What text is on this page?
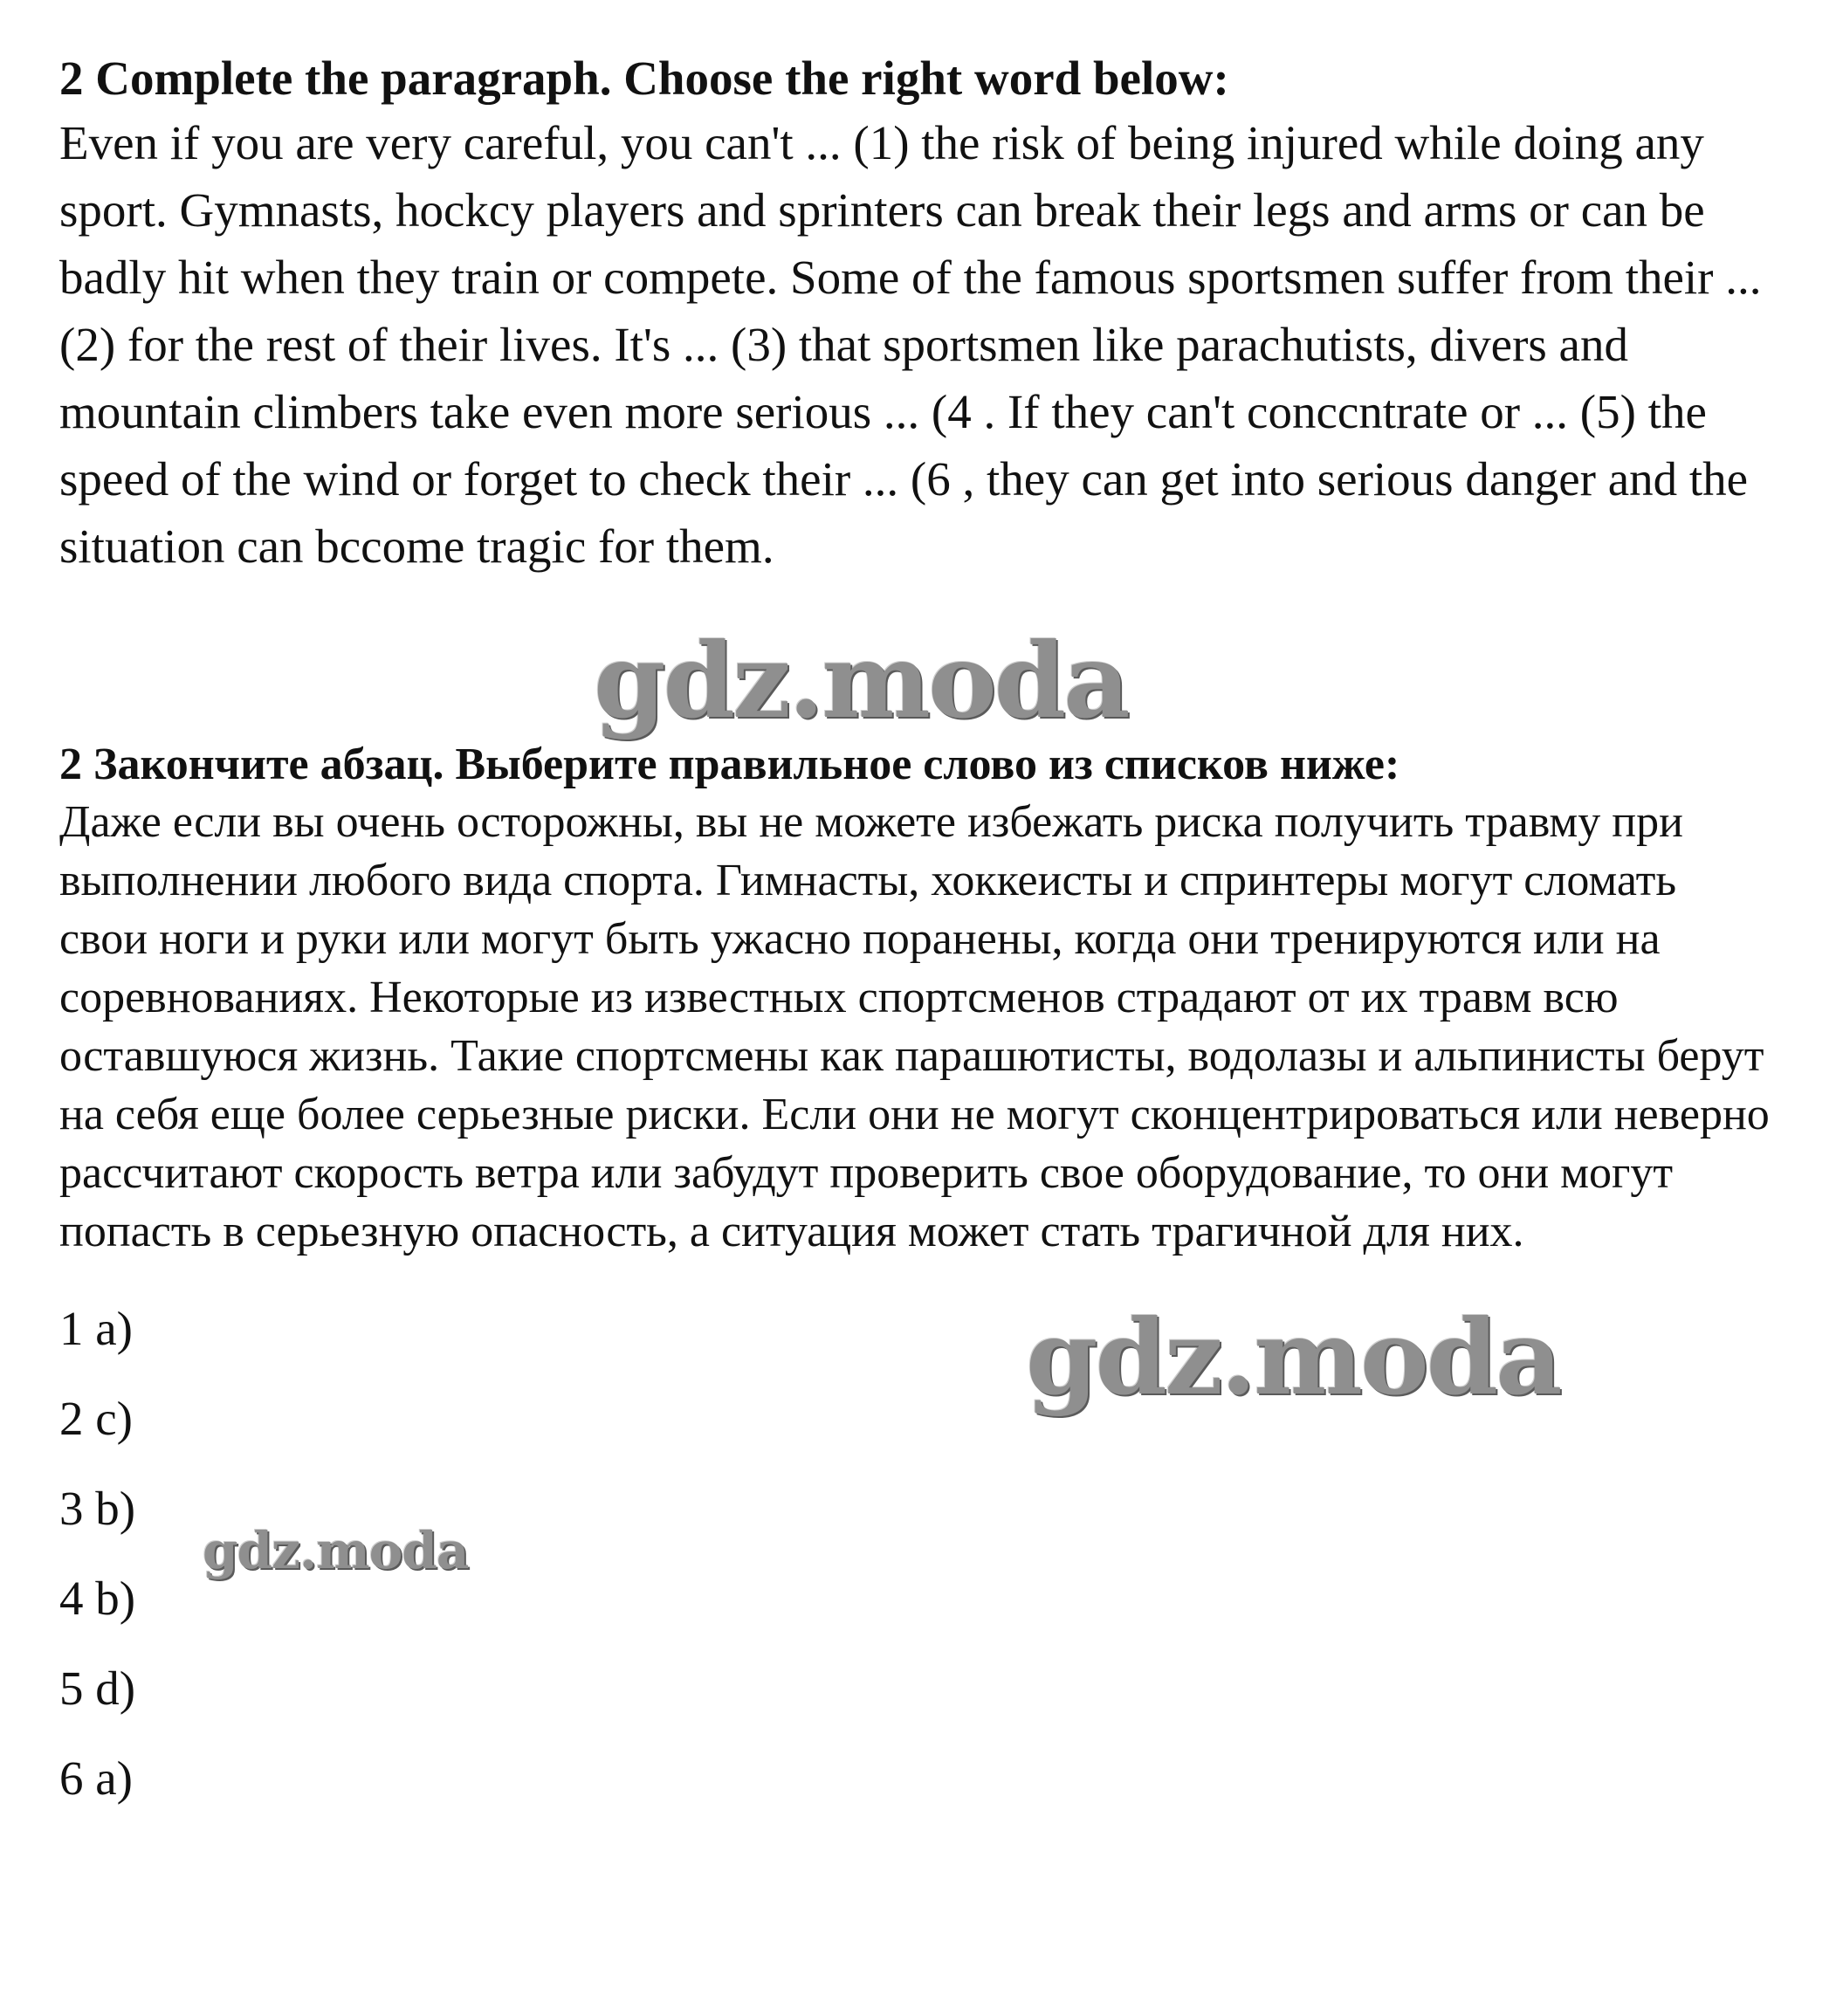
2 Complete the paragraph. Choose the right word below:

Even if you are very careful, you can't ... (1) the risk of being injured while doing any sport. Gymnasts, hockcy players and sprinters can break their legs and arms or can be badly hit when they train or compete. Some of the famous sportsmen suffer from their ... (2) for the rest of their lives. It's ... (3) that sportsmen like parachutists, divers and mountain climbers take even more serious ... (4 . If they can't conccntrate or ... (5) the speed of the wind or forget to check their ... (6 , they can get into serious danger and the situation can bccome tragic for them.

2 Закончите абзац. Выберите правильное слово из списков ниже:

Даже если вы очень осторожны, вы не можете избежать риска получить травму при выполнении любого вида спорта. Гимнасты, хоккеисты и спринтеры могут сломать свои ноги и руки или могут быть ужасно поранены, когда они тренируются или на соревнованиях. Некоторые из известных спортсменов страдают от их травм всю оставшуюся жизнь. Такие спортсмены как парашютисты, водолазы и альпинисты берут на себя еще более серьезные риски. Если они не могут сконцентрироваться или неверно рассчитают скорость ветра или забудут проверить свое оборудование, то они могут попасть в серьезную опасность, а ситуация может стать трагичной для них.

1 a)
2 c)
3 b)
4 b)
5 d)
6 a)
gdz.moda
gdz.moda
gdz.moda
